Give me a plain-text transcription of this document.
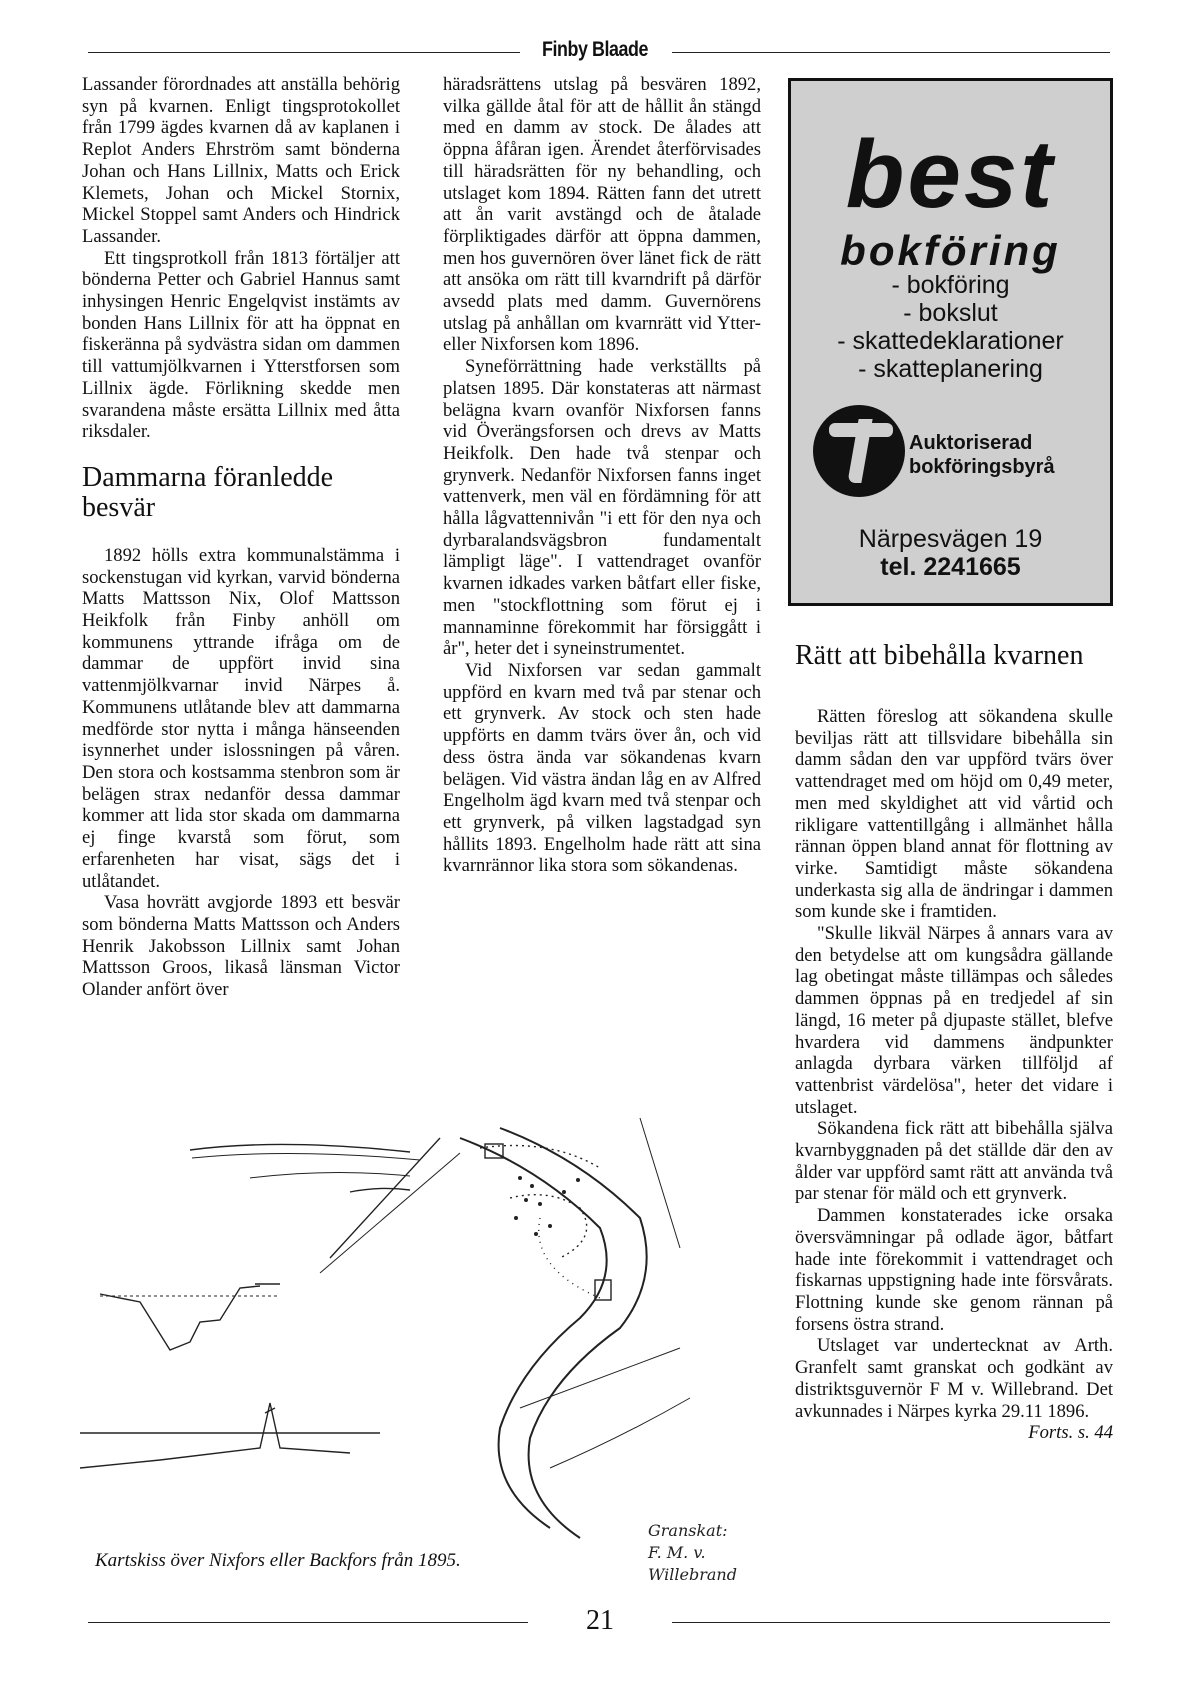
Finby Blaade

Lassander förordnades att anställa behörig syn på kvarnen. Enligt tingsprotokollet från 1799 ägdes kvarnen då av kaplanen i Replot Anders Ehrström samt bönderna Johan och Hans Lillnix, Matts och Erick Klemets, Johan och Mickel Stornix, Mickel Stoppel samt Anders och Hindrick Lassander.

Ett tingsprotkoll från 1813 förtäljer att bönderna Petter och Gabriel Hannus samt inhysingen Henric Engelqvist instämts av bonden Hans Lillnix för att ha öppnat en fiskeränna på sydvästra sidan om dammen till vattumjölkvarnen i Ytterstforsen som Lillnix ägde. Förlikning skedde men svarandena måste ersätta Lillnix med åtta riksdaler.

Dammarna föranledde besvär

1892 hölls extra kommunalstämma i sockenstugan vid kyrkan, varvid bönderna Matts Mattsson Nix, Olof Mattsson Heikfolk från Finby anhöll om kommunens yttrande ifråga om de dammar de uppfört invid sina vattenmjölkvarnar invid Närpes å. Kommunens utlåtande blev att dammarna medförde stor nytta i många hänseenden isynnerhet under islossningen på våren. Den stora och kostsamma stenbron som är belägen strax nedanför dessa dammar kommer att lida stor skada om dammarna ej finge kvarstå som förut, som erfarenheten har visat, sägs det i utlåtandet.

Vasa hovrätt avgjorde 1893 ett besvär som bönderna Matts Mattsson och Anders Henrik Jakobsson Lillnix samt Johan Mattsson Groos, likaså länsman Victor Olander anfört över

häradsrättens utslag på besvären 1892, vilka gällde åtal för att de hållit ån stängd med en damm av stock. De ålades att öppna åfåran igen. Ärendet återförvisades till häradsrätten för ny behandling, och utslaget kom 1894. Rätten fann det utrett att ån varit avstängd och de åtalade förpliktigades därför att öppna dammen, men hos guvernören över länet fick de rätt att ansöka om rätt till kvarndrift på därför avsedd plats med damm. Guvernörens utslag på anhållan om kvarnrätt vid Ytter- eller Nixforsen kom 1896.

Syneförrättning hade verkställts på platsen 1895. Där konstateras att närmast belägna kvarn ovanför Nixforsen fanns vid Överängsforsen och drevs av Matts Heikfolk. Den hade två stenpar och grynverk. Nedanför Nixforsen fanns inget vattenverk, men väl en fördämning för att hålla lågvattennivån "i ett för den nya och dyrbaralandsvägsbron fundamentalt lämpligt läge". I vattendraget ovanför kvarnen idkades varken båtfart eller fiske, men "stockflottning som förut ej i mannaminne förekommit har försiggått i år", heter det i syneinstrumentet.

Vid Nixforsen var sedan gammalt uppförd en kvarn med två par stenar och ett grynverk. Av stock och sten hade uppförts en damm tvärs över ån, och vid dess östra ända var sökandenas kvarn belägen. Vid västra ändan låg en av Alfred Engelholm ägd kvarn med två stenpar och ett grynverk, på vilken lagstadgad syn hållits 1893. Engelholm hade rätt att sina kvarnrännor lika stora som sökandenas.

best
bokföring
- bokföring
- bokslut
- skattedeklarationer
- skatteplanering
Auktoriserad
bokföringsbyrå
Närpesvägen 19
tel. 2241665
Rätt att bibehålla kvarnen

Rätten föreslog att sökandena skulle beviljas rätt att tillsvidare bibehålla sin damm sådan den var uppförd tvärs över vattendraget med om höjd om 0,49 meter, men med skyldighet att vid vårtid och rikligare vattentillgång i allmänhet hålla rännan öppen bland annat för flottning av virke. Samtidigt måste sökandena underkasta sig alla de ändringar i dammen som kunde ske i framtiden.

"Skulle likväl Närpes å annars vara av den betydelse att om kungsådra gällande lag obetingat måste tillämpas och således dammen öppnas på en tredjedel af sin längd, 16 meter på djupaste stället, blefve hvardera vid dammens ändpunkter anlagda dyrbara värken tillföljd af vattenbrist värdelösa", heter det vidare i utslaget.

Sökandena fick rätt att bibehålla själva kvarnbyggnaden på det ställde där den av ålder var uppförd samt rätt att använda två par stenar för mäld och ett grynverk.

Dammen konstaterades icke orsaka översvämningar på odlade ägor, båtfart hade inte förekommit i vattendraget och fiskarnas uppstigning hade inte försvårats. Flottning kunde ske genom rännan på forsens östra strand.

Utslaget var undertecknat av Arth. Granfelt samt granskat och godkänt av distriktsguvernör F M v. Willebrand. Det avkunnades i Närpes kyrka 29.11 1896.

Forts. s. 44

Kartskiss över Nixfors eller Backfors från 1895.
Granskat:
F. M. v. Willebrand
21
